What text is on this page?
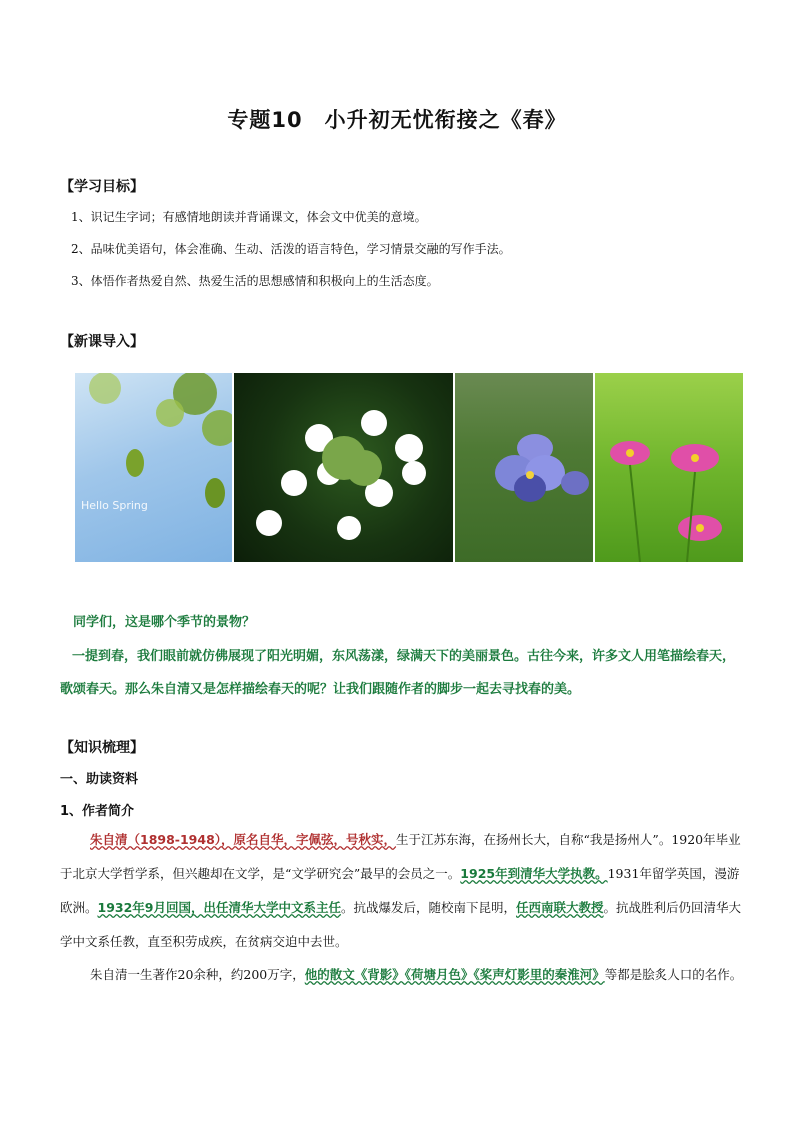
专题10　小升初无忧衔接之《春》
【学习目标】
1、识记生字词；有感情地朗读并背诵课文，体会文中优美的意境。
2、品味优美语句，体会准确、生动、活泼的语言特色，学习情景交融的写作手法。
3、体悟作者热爱自然、热爱生活的思想感情和积极向上的生活态度。
【新课导入】
Hello Spring
同学们，这是哪个季节的景物？
一提到春，我们眼前就仿佛展现了阳光明媚，东风荡漾，绿满天下的美丽景色。古往今来，许多文人用笔描绘春天，歌颂春天。那么朱自清又是怎样描绘春天的呢？让我们跟随作者的脚步一起去寻找春的美。
【知识梳理】
一、助读资料
1、作者简介
朱自清（1898-1948），原名自华，字佩弦，号秋实，生于江苏东海，在扬州长大，自称“我是扬州人”。1920年毕业于北京大学哲学系，但兴趣却在文学，是“文学研究会”最早的会员之一。1925年到清华大学执教。1931年留学英国，漫游欧洲。1932年9月回国，出任清华大学中文系主任。抗战爆发后，随校南下昆明，任西南联大教授。抗战胜利后仍回清华大学中文系任教，直至积劳成疾，在贫病交迫中去世。
朱自清一生著作20余种，约200万字，他的散文《背影》《荷塘月色》《桨声灯影里的秦淮河》等都是脍炙人口的名作。
